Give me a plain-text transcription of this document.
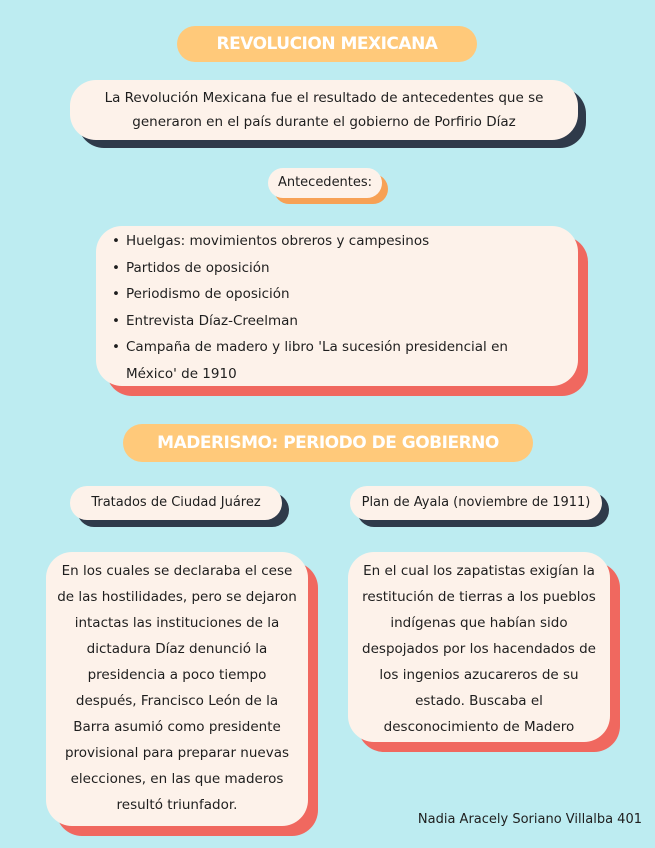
REVOLUCION MEXICANA
La Revolución Mexicana fue el resultado de antecedentes que se generaron en el país durante el gobierno de Porfirio Díaz
Antecedentes:
• Huelgas: movimientos obreros y campesinos
• Partidos de oposición
• Periodismo de oposición
• Entrevista Díaz-Creelman
• Campaña de madero y libro 'La sucesión presidencial en México' de 1910
MADERISMO: PERIODO DE GOBIERNO
Tratados de Ciudad Juárez	Plan de Ayala (noviembre de 1911)

En los cuales se declaraba el cese de las hostilidades, pero se dejaron intactas las instituciones de la dictadura Díaz denunció la presidencia a poco tiempo después, Francisco León de la Barra asumió como presidente provisional para preparar nuevas elecciones, en las que maderos resultó triunfador.

En el cual los zapatistas exigían la restitución de tierras a los pueblos indígenas que habían sido despojados por los hacendados de los ingenios azucareros de su estado. Buscaba el desconocimiento de Madero

Nadia Aracely Soriano Villalba 401
